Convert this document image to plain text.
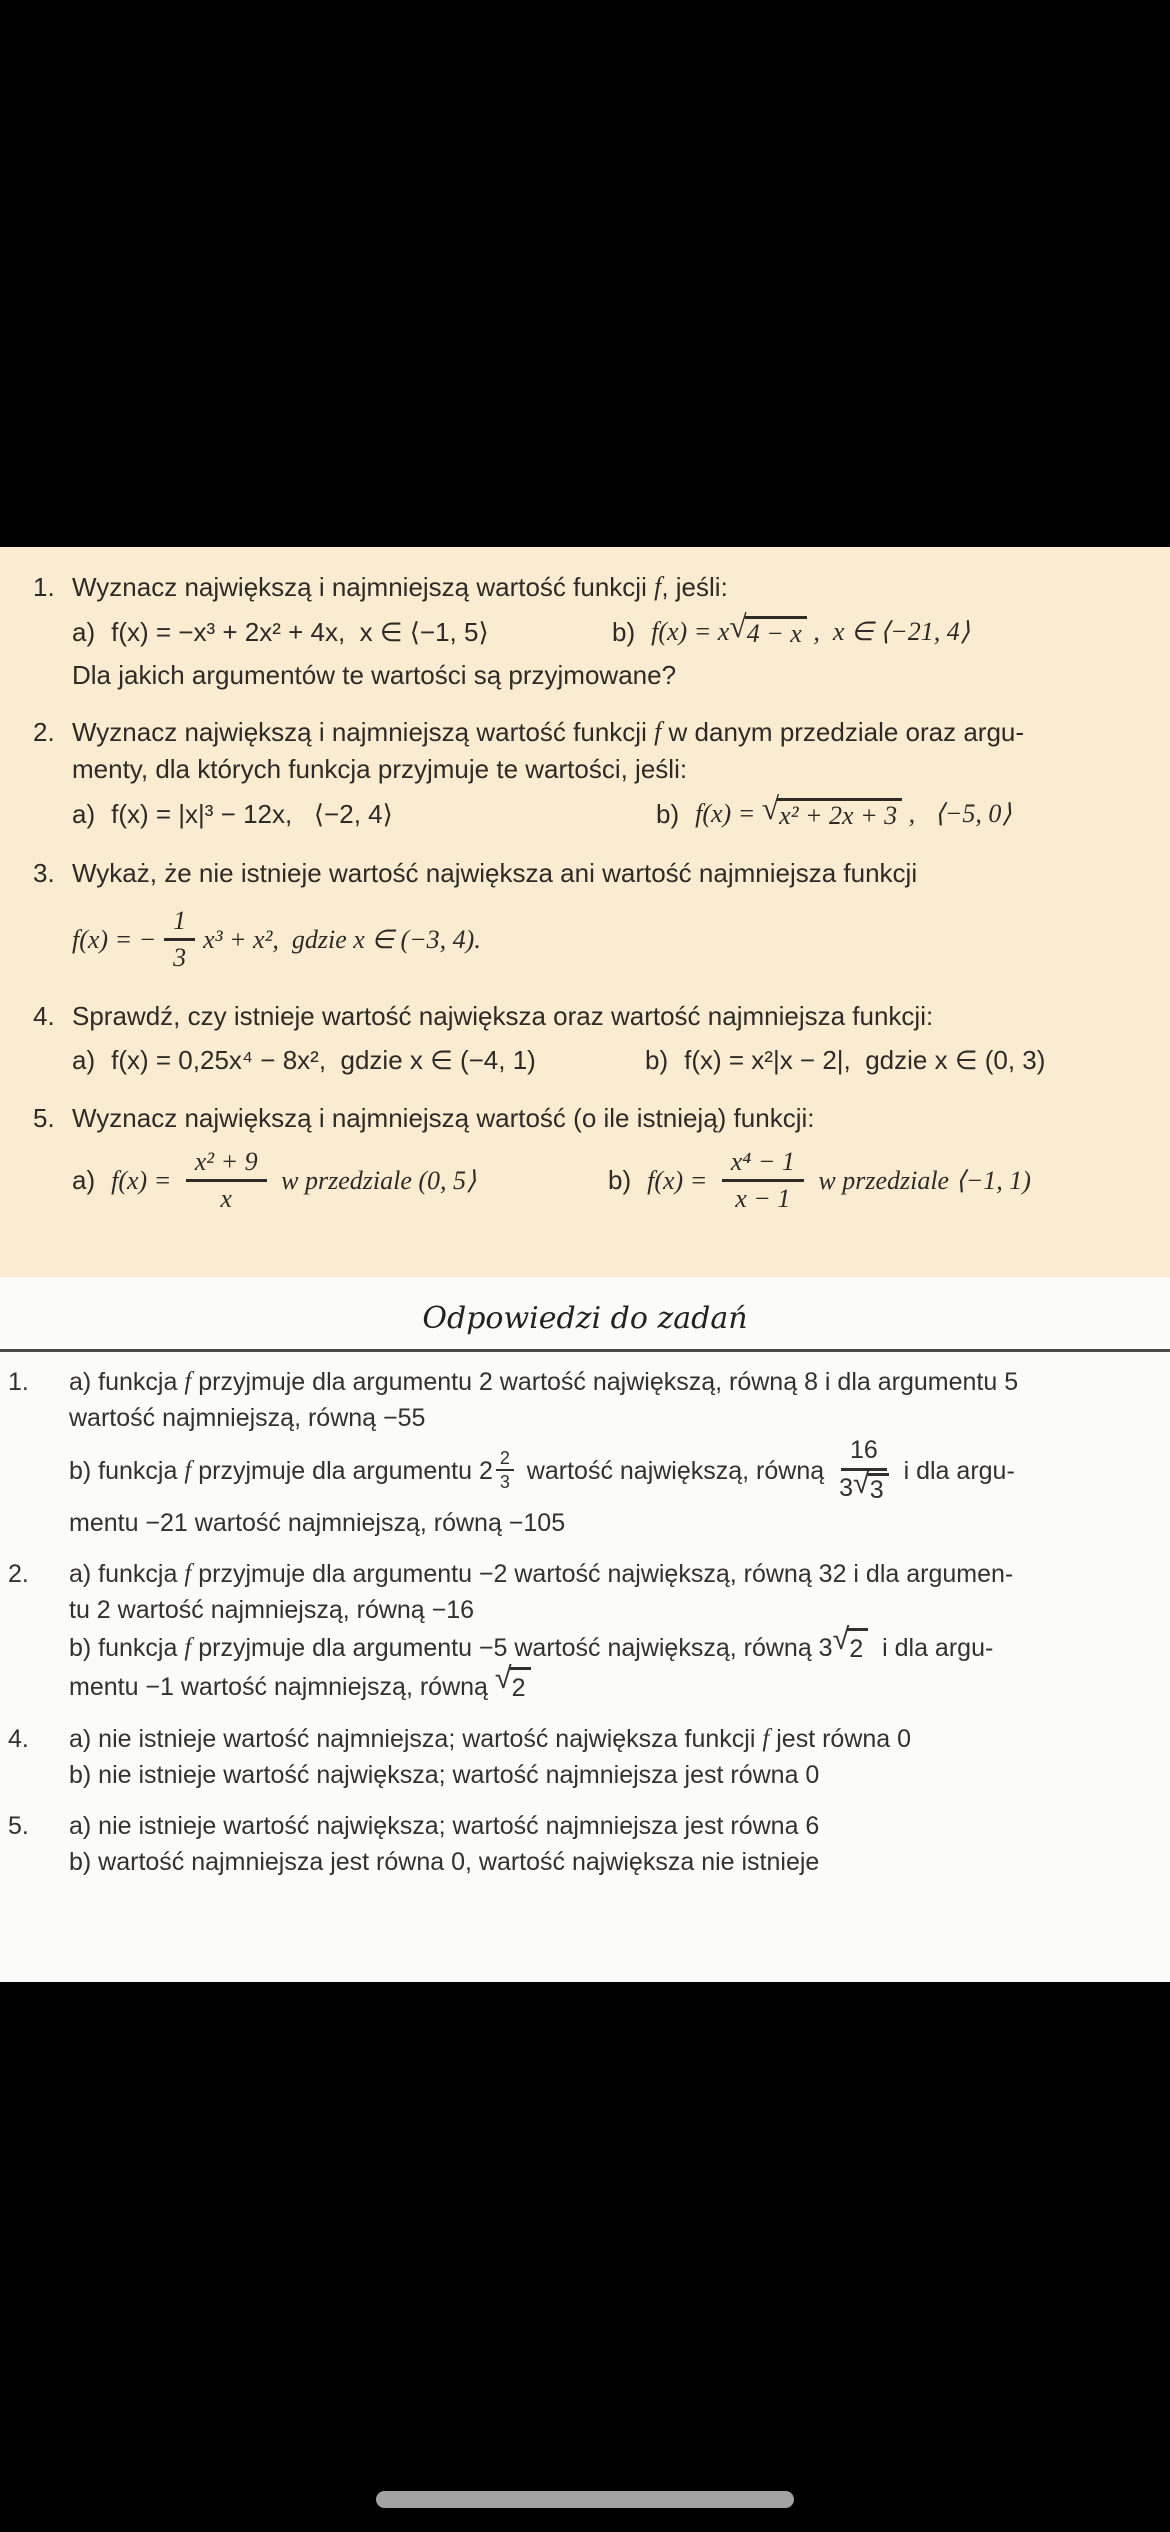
1. Wyznacz największą i najmniejszą wartość funkcji f , jeśli:
a) f(x) = −x³ + 2x² + 4x,  x ∈ ⟨−1, 5⟩	b) f(x) = x √ 4 − x ,  x ∈ ⟨−21, 4⟩
Dla jakich argumentów te wartości są przyjmowane?
2. Wyznacz największą i najmniejszą wartość funkcji f w danym przedziale oraz argu-

menty, dla których funkcja przyjmuje te wartości, jeśli:
a) f(x) = |x|³ − 12x,   ⟨−2, 4⟩	b) f(x) = √ x² + 2x + 3 ,   ⟨−5, 0⟩
3. Wykaż, że nie istnieje wartość największa ani wartość najmniejsza funkcji
f(x) = − $\frac{1}{3} x^3 + x^2$,  gdzie x ∈ (−3, 4).
4. Sprawdź, czy istnieje wartość największa oraz wartość najmniejsza funkcji:
a) f(x) = 0,25x⁴ − 8x²,  gdzie x ∈ (−4, 1)	b) f(x) = x²|x − 2|,  gdzie x ∈ (0, 3)
5. Wyznacz największą i najmniejszą wartość (o ile istnieją) funkcji:
a) $f(x) = \frac{\text{x² + 9}}{x}$ w przedziale (0, 5⟩	b) $f(x) = \frac{\text{x⁴ − 1}}{x - 1}$ w przedziale ⟨−1, 1)
Odpowiedzi do zadań
1.	a) funkcja f przyjmuje dla argumentu 2 wartość największą, równą 8 i dla argumentu 5
wartość najmniejszą, równą −55
b) funkcja f przyjmuje dla argumentu $2 \frac{2}{3}$ wartość największą, równą $\frac{16}{3 √ 3}$ i dla argu-
mentu −21 wartość najmniejszą, równą −105
2.	a) funkcja f przyjmuje dla argumentu −2 wartość największą, równą 32 i dla argumen-
tu 2 wartość najmniejszą, równą −16
b) funkcja f przyjmuje dla argumentu −5 wartość największą, równą 3 √ 2 i dla argu-
mentu −1 wartość najmniejszą, równą √ 2
4.	a) nie istnieje wartość najmniejsza; wartość największa funkcji f jest równa 0
b) nie istnieje wartość największa; wartość najmniejsza jest równa 0
5.	a) nie istnieje wartość największa; wartość najmniejsza jest równa 6
b) wartość najmniejsza jest równa 0, wartość największa nie istnieje
